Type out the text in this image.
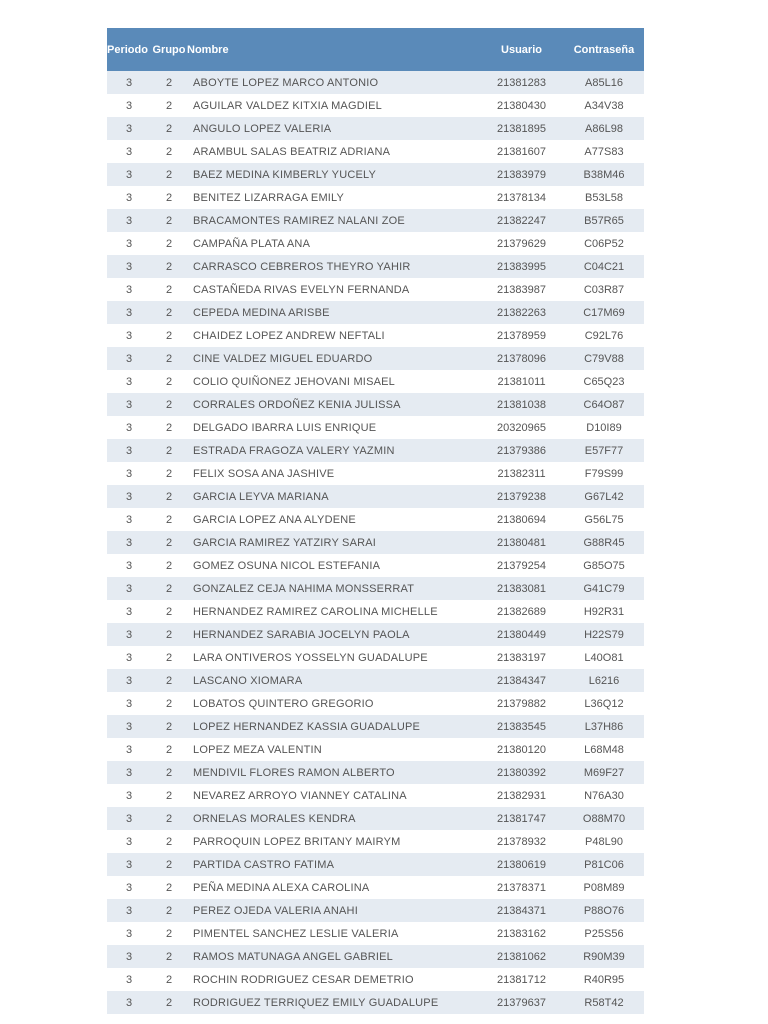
Periodo	Grupo	Nombre	Usuario	Contraseña
3	2	ABOYTE LOPEZ MARCO ANTONIO	21381283	A85L16
3	2	AGUILAR VALDEZ KITXIA MAGDIEL	21380430	A34V38
3	2	ANGULO LOPEZ VALERIA	21381895	A86L98
3	2	ARAMBUL SALAS BEATRIZ ADRIANA	21381607	A77S83
3	2	BAEZ MEDINA KIMBERLY YUCELY	21383979	B38M46
3	2	BENITEZ LIZARRAGA EMILY	21378134	B53L58
3	2	BRACAMONTES RAMIREZ NALANI ZOE	21382247	B57R65
3	2	CAMPAÑA PLATA ANA	21379629	C06P52
3	2	CARRASCO CEBREROS THEYRO YAHIR	21383995	C04C21
3	2	CASTAÑEDA RIVAS EVELYN FERNANDA	21383987	C03R87
3	2	CEPEDA MEDINA ARISBE	21382263	C17M69
3	2	CHAIDEZ LOPEZ ANDREW NEFTALI	21378959	C92L76
3	2	CINE VALDEZ MIGUEL EDUARDO	21378096	C79V88
3	2	COLIO QUIÑONEZ JEHOVANI MISAEL	21381011	C65Q23
3	2	CORRALES ORDOÑEZ KENIA JULISSA	21381038	C64O87
3	2	DELGADO IBARRA LUIS ENRIQUE	20320965	D10I89
3	2	ESTRADA FRAGOZA VALERY YAZMIN	21379386	E57F77
3	2	FELIX SOSA ANA JASHIVE	21382311	F79S99
3	2	GARCIA LEYVA MARIANA	21379238	G67L42
3	2	GARCIA LOPEZ ANA ALYDENE	21380694	G56L75
3	2	GARCIA RAMIREZ YATZIRY SARAI	21380481	G88R45
3	2	GOMEZ OSUNA NICOL ESTEFANIA	21379254	G85O75
3	2	GONZALEZ CEJA NAHIMA MONSSERRAT	21383081	G41C79
3	2	HERNANDEZ RAMIREZ CAROLINA MICHELLE	21382689	H92R31
3	2	HERNANDEZ SARABIA JOCELYN PAOLA	21380449	H22S79
3	2	LARA ONTIVEROS YOSSELYN GUADALUPE	21383197	L40O81
3	2	LASCANO XIOMARA	21384347	L6216
3	2	LOBATOS QUINTERO GREGORIO	21379882	L36Q12
3	2	LOPEZ HERNANDEZ KASSIA GUADALUPE	21383545	L37H86
3	2	LOPEZ MEZA VALENTIN	21380120	L68M48
3	2	MENDIVIL FLORES RAMON ALBERTO	21380392	M69F27
3	2	NEVAREZ ARROYO VIANNEY CATALINA	21382931	N76A30
3	2	ORNELAS MORALES KENDRA	21381747	O88M70
3	2	PARROQUIN LOPEZ BRITANY MAIRYM	21378932	P48L90
3	2	PARTIDA CASTRO FATIMA	21380619	P81C06
3	2	PEÑA MEDINA ALEXA CAROLINA	21378371	P08M89
3	2	PEREZ OJEDA VALERIA ANAHI	21384371	P88O76
3	2	PIMENTEL SANCHEZ LESLIE VALERIA	21383162	P25S56
3	2	RAMOS MATUNAGA ANGEL GABRIEL	21381062	R90M39
3	2	ROCHIN RODRIGUEZ CESAR DEMETRIO	21381712	R40R95
3	2	RODRIGUEZ TERRIQUEZ EMILY GUADALUPE	21379637	R58T42
